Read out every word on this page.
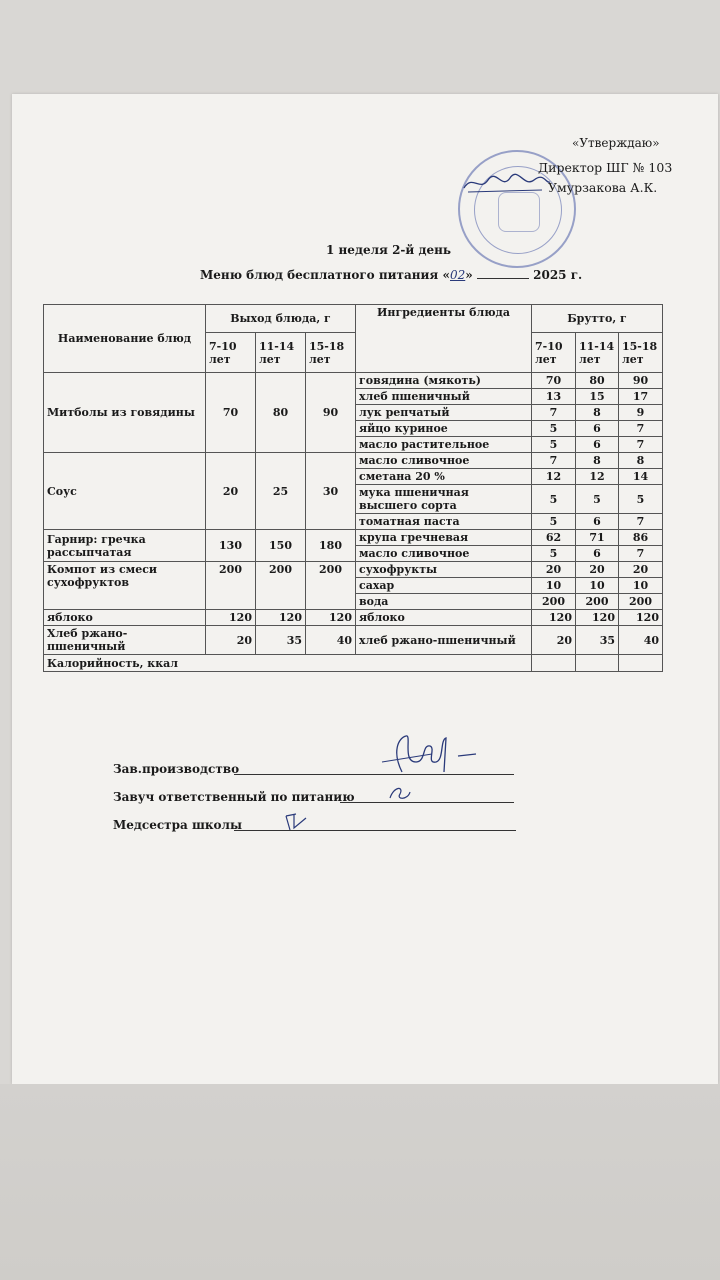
«Утверждаю»
Директор ШГ № 103
Умурзакова А.К.
1 неделя 2-й день
Меню блюд бесплатного питания «02»	2025 г.
Наименование блюд	Выход блюда, г			Ингредиенты блюда	Брутто, г		
	7-10 лет	11-14 лет	15-18 лет		7-10 лет	11-14 лет	15-18 лет
Митболы из говядины	70	80	90	говядина (мякоть)	70	80	90
				хлеб пшеничный	13	15	17
				лук репчатый	7	8	9
				яйцо куриное	5	6	7
				масло растительное	5	6	7
Соус	20	25	30	масло сливочное	7	8	8
				сметана 20 %	12	12	14
				мука пшеничная высшего сорта	5	5	5
				томатная паста	5	6	7
Гарнир: гречка рассыпчатая	130	150	180	крупа гречневая	62	71	86
				масло сливочное	5	6	7
Компот из смеси сухофруктов	200	200	200	сухофрукты	20	20	20
				сахар	10	10	10
				вода	200	200	200
яблоко	120	120	120	яблоко	120	120	120
Хлеб ржано-пшеничный	20	35	40	хлеб ржано-пшеничный	20	35	40
Калорийность, ккал							
Зав.производство
Завуч ответственный по питанию
Медсестра школы
